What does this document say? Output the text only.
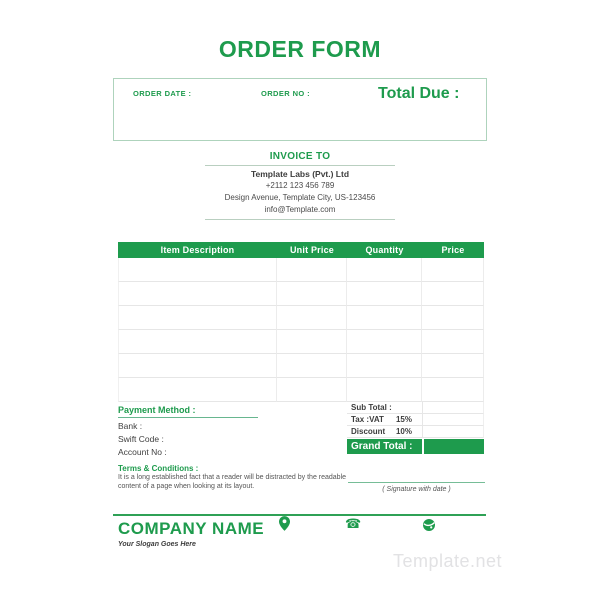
ORDER FORM
ORDER DATE :	ORDER NO :	Total Due :
INVOICE TO
Template Labs (Pvt.) Ltd
+2112 123 456 789
Design Avenue, Template City, US-123456
info@Template.com
Item Description	Unit Price	Quantity	Price
Payment Method :
Bank :
Swift Code :
Account No :
Sub Total :
Tax :VAT 15%
Discount 10%
Grand Total :
Terms & Conditions :
It is a long established fact that a reader will be distracted by the readable content of a page when looking at its layout.	( Signature with date )
COMPANY NAME
Your Slogan Goes Here
☎
Template.net
